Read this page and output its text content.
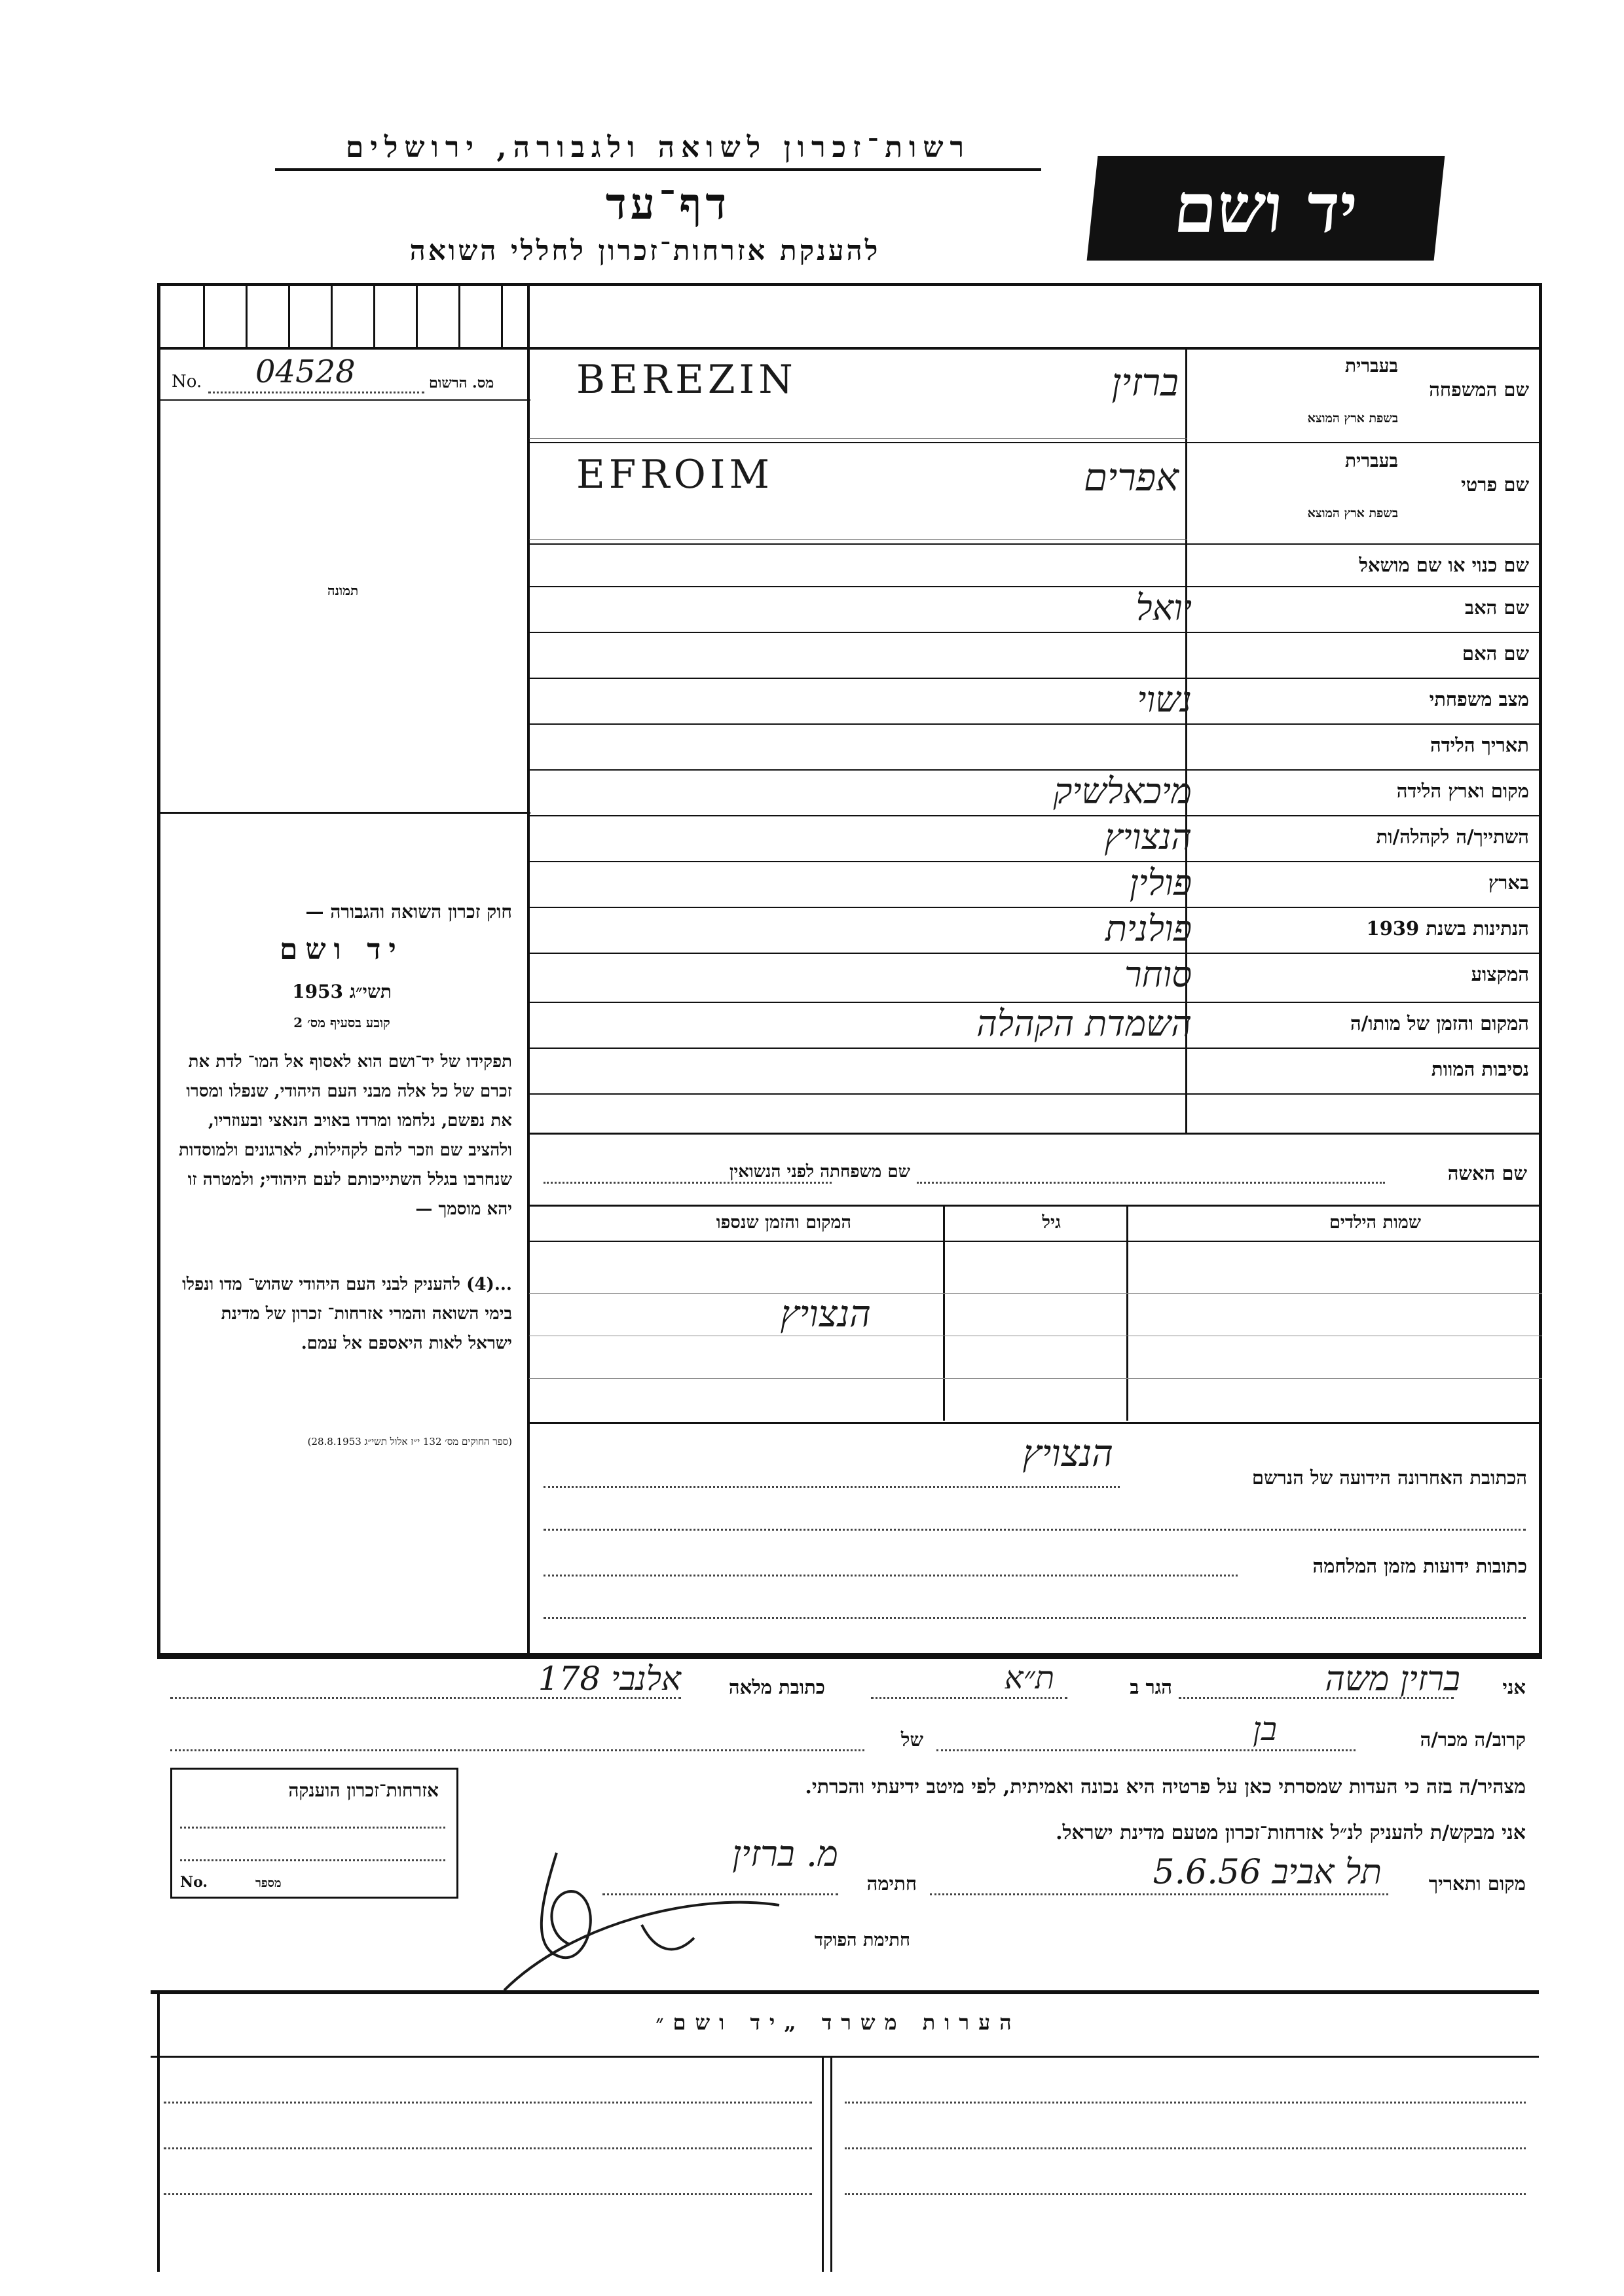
רשות־זכרון לשואה ולגבורה, ירושלים
דף־עד
להענקת אזרחות־זכרון לחללי השואה
יד ושם
No. 04528	מס. הרשום
תמונה
שם המשפחה
בעברית
בשפת ארץ המוצא
ברזין
BEREZIN
שם פרטי
בעברית
בשפת ארץ המוצא
אפרים
EFROIM
שם כנוי או שם מושאל
שם האב
יואל
שם האם
מצב משפחתי
נשוי
תאריך הלידה
מקום וארץ הלידה
מיכאלשיק
השתייך/ה לקהלה/ות
הנצויץ
בארץ
פולין
הנתינות בשנת 1939
פולנית
המקצוע
סוחר
המקום והזמן של מותו/ה
השמדת הקהלה
נסיבות המוות
שם האשה
שם משפחתה לפני הנשואין
שמות הילדים
גיל
המקום והזמן שנספו
הנצויץ
הכתובת האחרונה הידועה של הנרשם
הנצויץ
כתובות ידועות מזמן המלחמה
חוק זכרון השואה והגבורה —
יד ושם
תשי״ג 1953
קובע בסעיף מס׳ 2
תפקידו של יד־ושם הוא לאסוף אל המו־ לדת את זכרם של כל אלה מבני העם היהודי, שנפלו ומסרו את נפשם, נלחמו ומרדו באויב הנאצי ובעוזריו, ולהציב שם וזכר להם לקהילות, לארגונים ולמוסדות שנחרבו בגלל השתייכותם לעם היהודי; ולמטרה זו יהא מוסמך —
...(4) להעניק לבני העם היהודי שהוש־ מדו ונפלו בימי השואה והמרי אזרחות־ זכרון של מדינת ישראל לאות היאספם אל עמם.
(ספר החוקים מס׳ 132 י״ז אלול תשי״ג 28.8.1953)
אני
ברזין משה
הגר ב
ת״א
כתובת מלאה
אלנבי 178
קרוב/ה מכר/ה
בן
של
מצהיר/ה בזה כי העדות שמסרתי כאן על פרטיה היא נכונה ואמיתית, לפי מיטב ידיעתי והכרתי.
אני מבקש/ת להעניק לנ״ל אזרחות־זכרון מטעם מדינת ישראל.
מקום ותאריך
תל אביב 5.6.56
חתימה
מ. ברזין
חתימת הפוקד
אזרחות־זכרון הוענקה
No.	מספר
הערות משרד „יד ושם״
